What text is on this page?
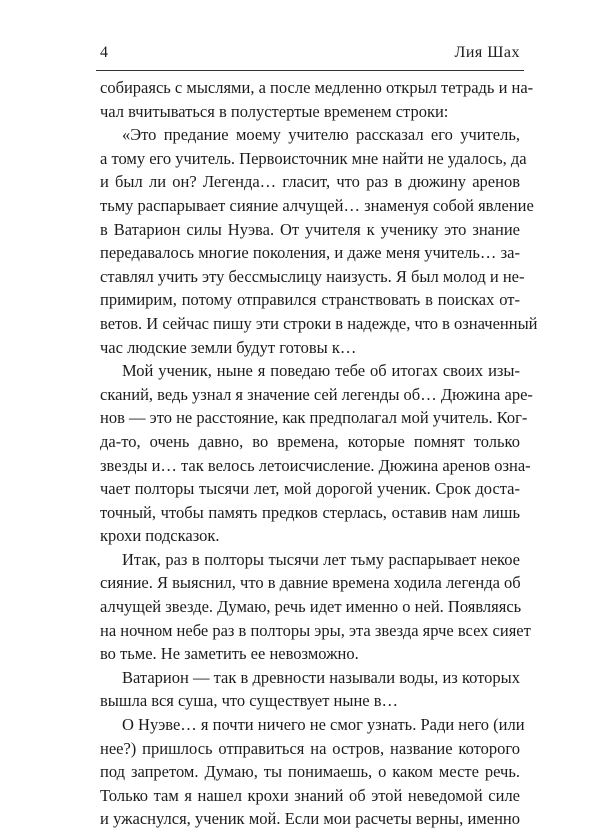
4	Лия Шах
собираясь с мыслями, а после медленно открыл тетрадь и на-
чал вчитываться в полустертые временем строки:
«Это предание моему учителю рассказал его учитель,
а тому его учитель. Первоисточник мне найти не удалось, да
и был ли он? Легенда… гласит, что раз в дюжину аренов
тьму распарывает сияние алчущей… знаменуя собой явление
в Ватарион силы Нуэва. От учителя к ученику это знание
передавалось многие поколения, и даже меня учитель… за-
ставлял учить эту бессмыслицу наизусть. Я был молод и не-
примирим, потому отправился странствовать в поисках от-
ветов. И сейчас пишу эти строки в надежде, что в означенный
час людские земли будут готовы к…
Мой ученик, ныне я поведаю тебе об итогах своих изы-
сканий, ведь узнал я значение сей легенды об… Дюжина аре-
нов — это не расстояние, как предполагал мой учитель. Ког-
да-то, очень давно, во времена, которые помнят только
звезды и… так велось летоисчисление. Дюжина аренов озна-
чает полторы тысячи лет, мой дорогой ученик. Срок доста-
точный, чтобы память предков стерлась, оставив нам лишь
крохи подсказок.
Итак, раз в полторы тысячи лет тьму распарывает некое
сияние. Я выяснил, что в давние времена ходила легенда об
алчущей звезде. Думаю, речь идет именно о ней. Появляясь
на ночном небе раз в полторы эры, эта звезда ярче всех сияет
во тьме. Не заметить ее невозможно.
Ватарион — так в древности называли воды, из которых
вышла вся суша, что существует ныне в…
О Нуэве… я почти ничего не смог узнать. Ради него (или
нее?) пришлось отправиться на остров, название которого
под запретом. Думаю, ты понимаешь, о каком месте речь.
Только там я нашел крохи знаний об этой неведомой силе
и ужаснулся, ученик мой. Если мои расчеты верны, именно
